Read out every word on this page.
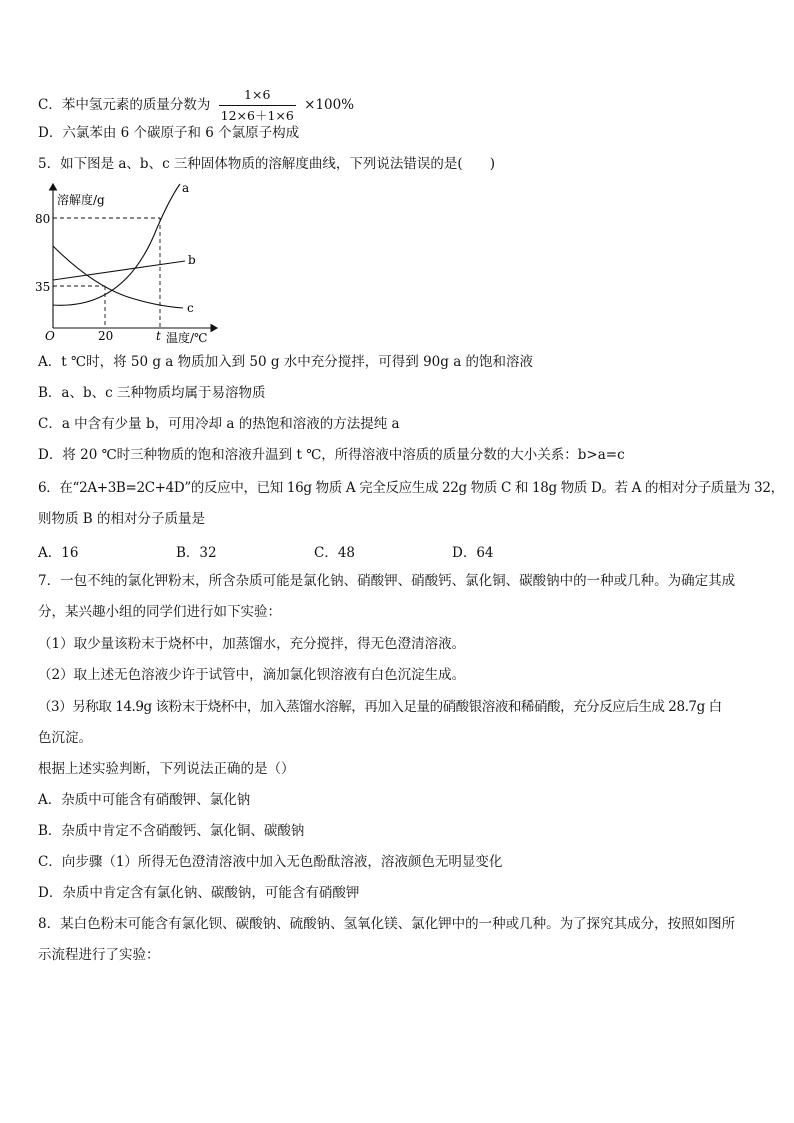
C．苯中氢元素的质量分数为 $\frac{1\times 6}{12\times 6+1\times 6} \times 100\%$
D．六氯苯由 6 个碳原子和 6 个氯原子构成
5．如下图是 a、b、c 三种固体物质的溶解度曲线，下列说法错误的是(　　)
溶解度/g
温度/℃
O
80
35
20	t
a
b
c
A．t ℃时，将 50 g a 物质加入到 50 g 水中充分搅拌，可得到 90g a 的饱和溶液
B．a、b、c 三种物质均属于易溶物质
C．a 中含有少量 b，可用冷却 a 的热饱和溶液的方法提纯 a
D．将 20 ℃时三种物质的饱和溶液升温到 t ℃，所得溶液中溶质的质量分数的大小关系：b>a=c
6．在“2A+3B=2C+4D”的反应中，已知 16g 物质 A 完全反应生成 22g 物质 C 和 18g 物质 D。若 A 的相对分子质量为 32，
则物质 B 的相对分子质量是
A．16	B．32	C．48	D．64
7．一包不纯的氯化钾粉末，所含杂质可能是氯化钠、硝酸钾、硝酸钙、氯化铜、碳酸钠中的一种或几种。为确定其成
分，某兴趣小组的同学们进行如下实验：
（1）取少量该粉末于烧杯中，加蒸馏水，充分搅拌，得无色澄清溶液。
（2）取上述无色溶液少许于试管中，滴加氯化钡溶液有白色沉淀生成。
（3）另称取 14.9g 该粉末于烧杯中，加入蒸馏水溶解，再加入足量的硝酸银溶液和稀硝酸，充分反应后生成 28.7g 白
色沉淀。
根据上述实验判断，下列说法正确的是（）
A．杂质中可能含有硝酸钾、氯化钠
B．杂质中肯定不含硝酸钙、氯化铜、碳酸钠
C．向步骤（1）所得无色澄清溶液中加入无色酚酞溶液，溶液颜色无明显变化
D．杂质中肯定含有氯化钠、碳酸钠，可能含有硝酸钾
8．某白色粉末可能含有氯化钡、碳酸钠、硫酸钠、氢氧化镁、氯化钾中的一种或几种。为了探究其成分，按照如图所
示流程进行了实验：
